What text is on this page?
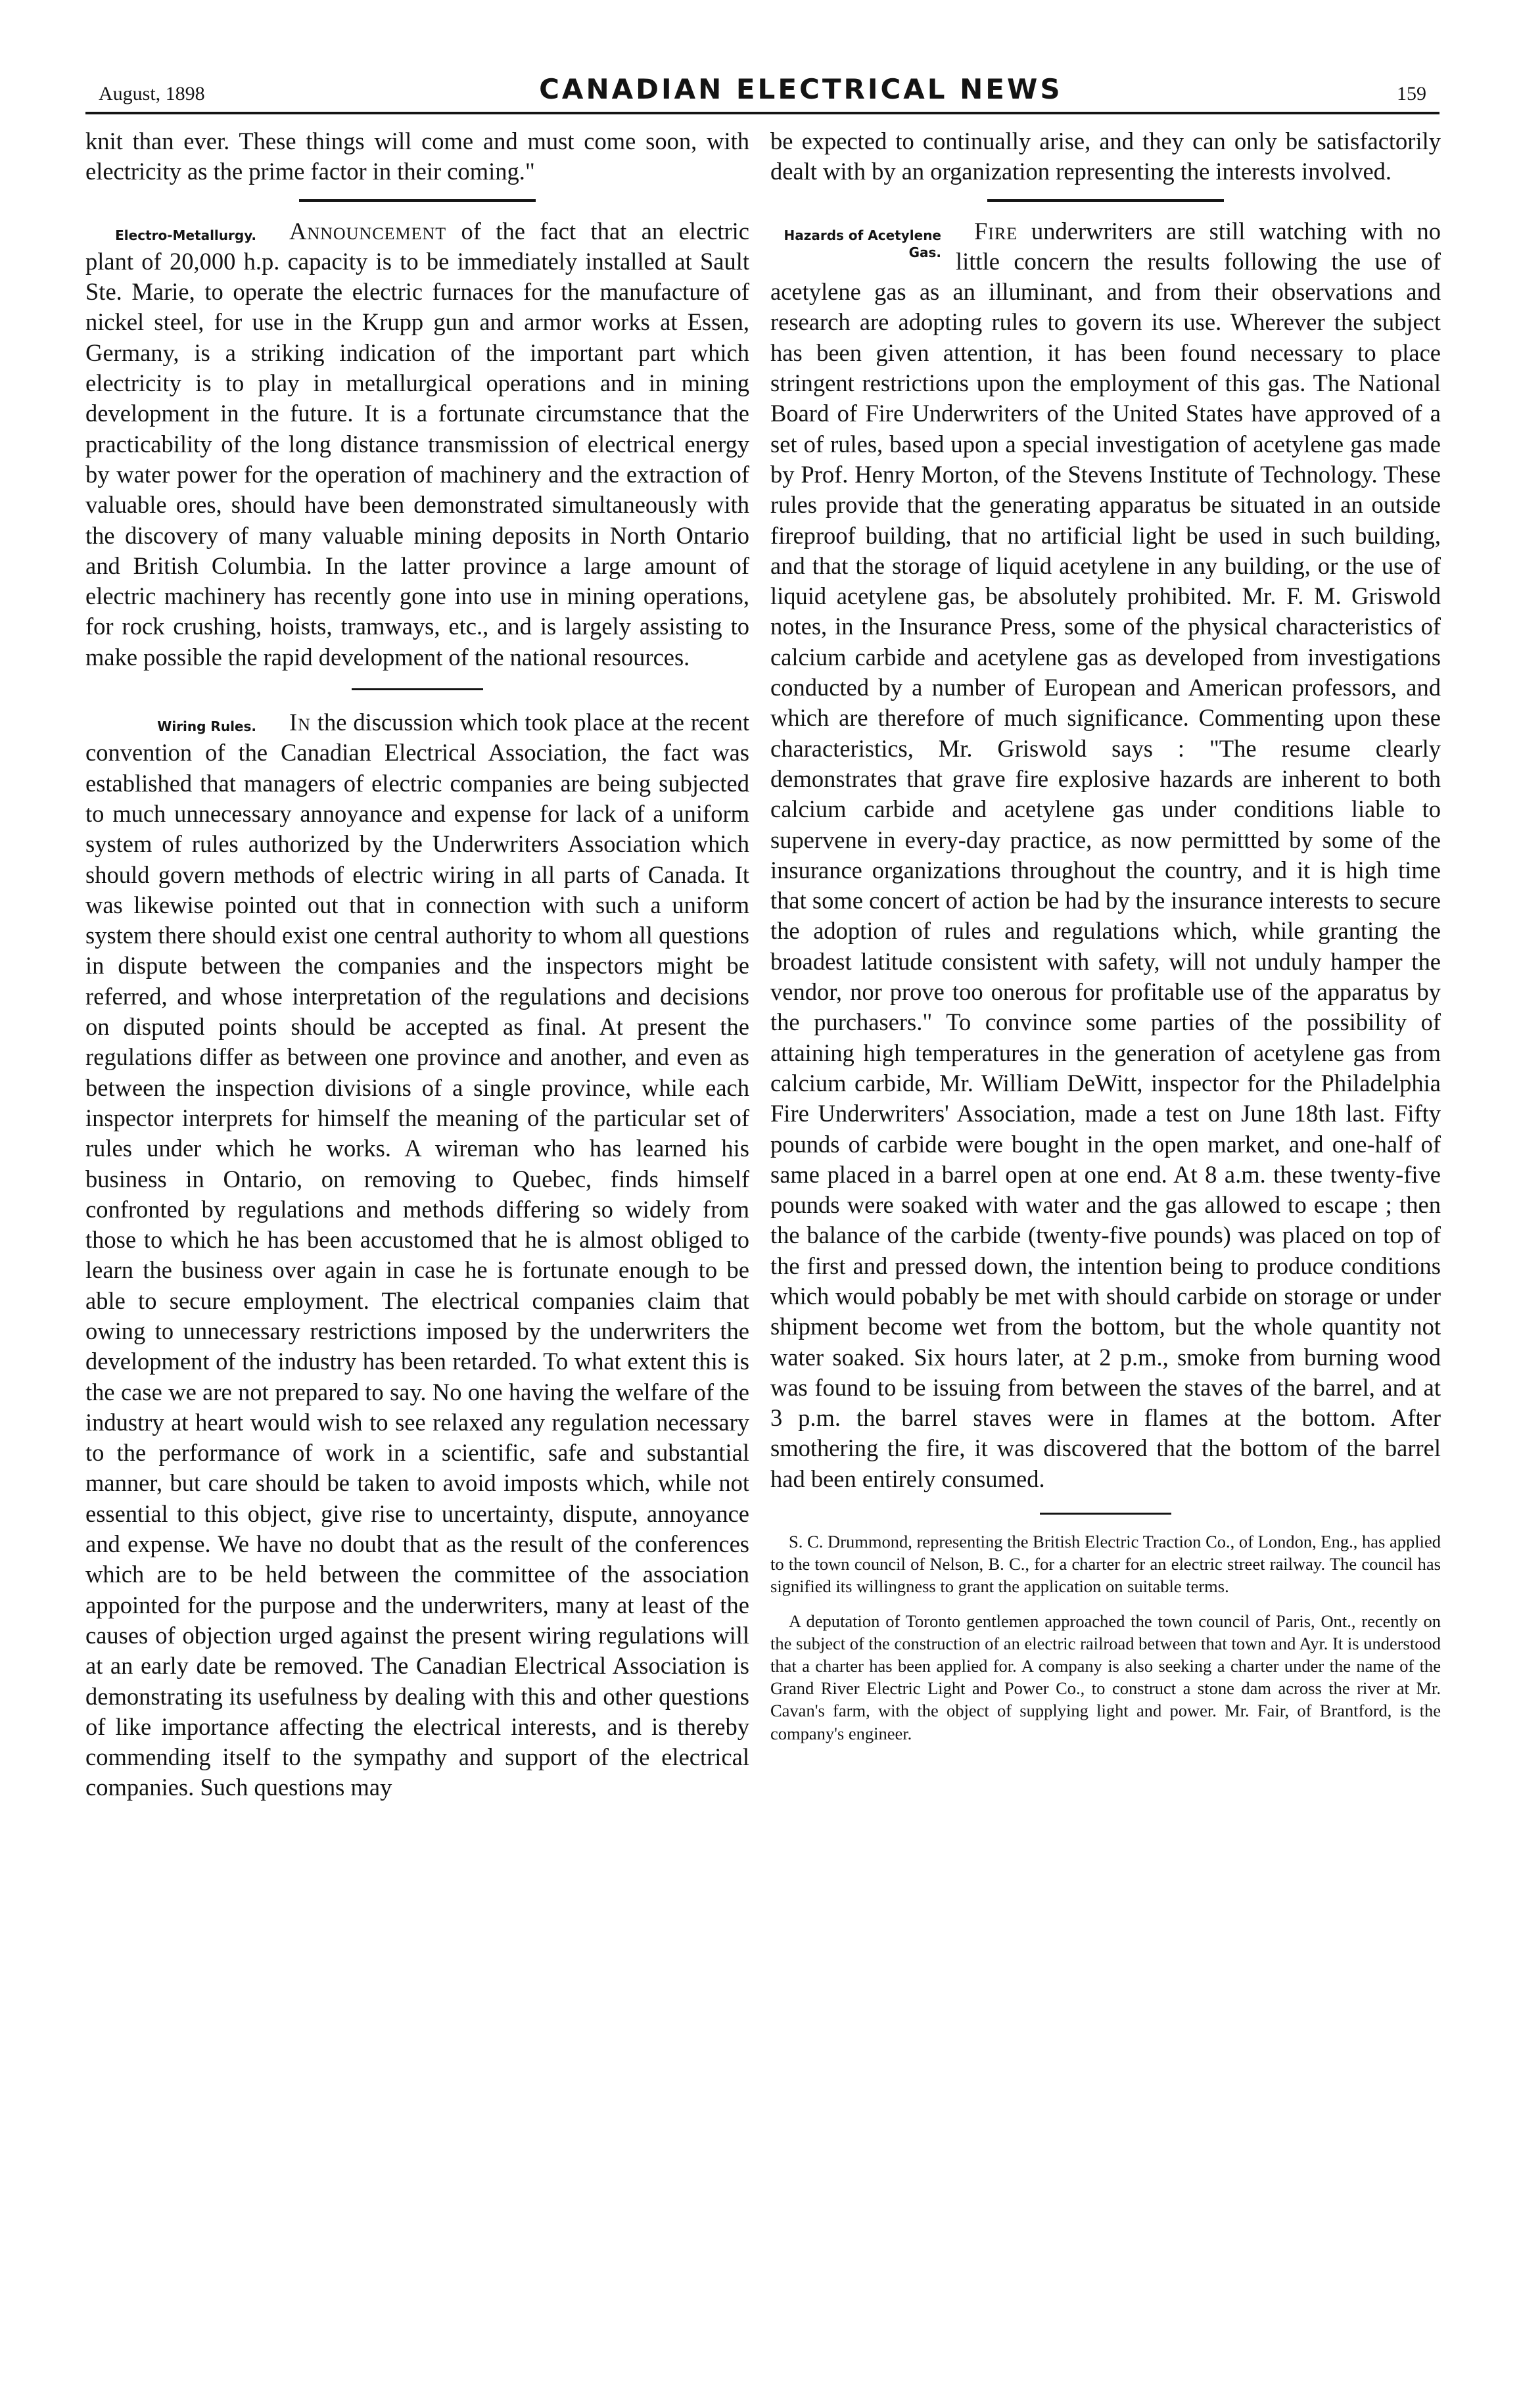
August, 1898	CANADIAN ELECTRICAL NEWS	159

knit than ever. These things will come and must come soon, with electricity as the prime factor in their coming."

Electro-Metallurgy.	Announcement of the fact that an electric plant of 20,000 h.p. capacity is to be immediately installed at Sault Ste. Marie, to operate the electric furnaces for the manufacture of nickel steel, for use in the Krupp gun and armor works at Essen, Germany, is a striking indication of the important part which electricity is to play in metallurgical operations and in mining development in the future. It is a fortunate circumstance that the practicability of the long distance transmission of electrical energy by water power for the operation of machinery and the extraction of valuable ores, should have been demonstrated simultaneously with the discovery of many valuable mining deposits in North Ontario and British Columbia. In the latter province a large amount of electric machinery has recently gone into use in mining operations, for rock crushing, hoists, tramways, etc., and is largely assisting to make possible the rapid development of the national resources.

Wiring Rules.	In the discussion which took place at the recent convention of the Canadian Electrical Association, the fact was established that managers of electric companies are being subjected to much unnecessary annoyance and expense for lack of a uniform system of rules authorized by the Underwriters Association which should govern methods of electric wiring in all parts of Canada. It was likewise pointed out that in connection with such a uniform system there should exist one central authority to whom all questions in dispute between the companies and the inspectors might be referred, and whose interpretation of the regulations and decisions on disputed points should be accepted as final. At present the regulations differ as between one province and another, and even as between the inspection divisions of a single province, while each inspector interprets for himself the meaning of the particular set of rules under which he works. A wireman who has learned his business in Ontario, on removing to Quebec, finds himself confronted by regulations and methods differing so widely from those to which he has been accustomed that he is almost obliged to learn the business over again in case he is fortunate enough to be able to secure employment. The electrical companies claim that owing to unnecessary restrictions imposed by the underwriters the development of the industry has been retarded. To what extent this is the case we are not prepared to say. No one having the welfare of the industry at heart would wish to see relaxed any regulation necessary to the performance of work in a scientific, safe and substantial manner, but care should be taken to avoid imposts which, while not essential to this object, give rise to uncertainty, dispute, annoyance and expense. We have no doubt that as the result of the conferences which are to be held between the committee of the association appointed for the purpose and the underwriters, many at least of the causes of objection urged against the present wiring regulations will at an early date be removed. The Canadian Electrical Association is demonstrating its usefulness by dealing with this and other questions of like importance affecting the electrical interests, and is thereby commending itself to the sympathy and support of the electrical companies. Such questions may

be expected to continually arise, and they can only be satisfactorily dealt with by an organization representing the interests involved.

Hazards of Acetylene Gas.
Fire underwriters are still watching with no little concern the results following the use of acetylene gas as an illuminant, and from their observations and research are adopting rules to govern its use. Wherever the subject has been given attention, it has been found necessary to place stringent restrictions upon the employment of this gas. The National Board of Fire Underwriters of the United States have approved of a set of rules, based upon a special investigation of acetylene gas made by Prof. Henry Morton, of the Stevens Institute of Technology. These rules provide that the generating apparatus be situated in an outside fireproof building, that no artificial light be used in such building, and that the storage of liquid acetylene in any building, or the use of liquid acetylene gas, be absolutely prohibited. Mr. F. M. Griswold notes, in the Insurance Press, some of the physical characteristics of calcium carbide and acetylene gas as developed from investigations conducted by a number of European and American professors, and which are therefore of much significance. Commenting upon these characteristics, Mr. Griswold says : "The resume clearly demonstrates that grave fire explosive hazards are inherent to both calcium carbide and acetylene gas under conditions liable to supervene in every-day practice, as now permittted by some of the insurance organizations throughout the country, and it is high time that some concert of action be had by the insurance interests to secure the adoption of rules and regulations which, while granting the broadest latitude consistent with safety, will not unduly hamper the vendor, nor prove too onerous for profitable use of the apparatus by the purchasers." To convince some parties of the possibility of attaining high temperatures in the generation of acetylene gas from calcium carbide, Mr. William DeWitt, inspector for the Philadelphia Fire Underwriters' Association, made a test on June 18th last. Fifty pounds of carbide were bought in the open market, and one-half of same placed in a barrel open at one end. At 8 a.m. these twenty-five pounds were soaked with water and the gas allowed to escape ; then the balance of the carbide (twenty-five pounds) was placed on top of the first and pressed down, the intention being to produce conditions which would pobably be met with should carbide on storage or under shipment become wet from the bottom, but the whole quantity not water soaked. Six hours later, at 2 p.m., smoke from burning wood was found to be issuing from between the staves of the barrel, and at 3 p.m. the barrel staves were in flames at the bottom. After smothering the fire, it was discovered that the bottom of the barrel had been entirely consumed.

S. C. Drummond, representing the British Electric Traction Co., of London, Eng., has applied to the town council of Nelson, B. C., for a charter for an electric street railway. The council has signified its willingness to grant the application on suitable terms.

A deputation of Toronto gentlemen approached the town council of Paris, Ont., recently on the subject of the construction of an electric railroad between that town and Ayr. It is understood that a charter has been applied for. A company is also seeking a charter under the name of the Grand River Electric Light and Power Co., to construct a stone dam across the river at Mr. Cavan's farm, with the object of supplying light and power. Mr. Fair, of Brantford, is the company's engineer.
